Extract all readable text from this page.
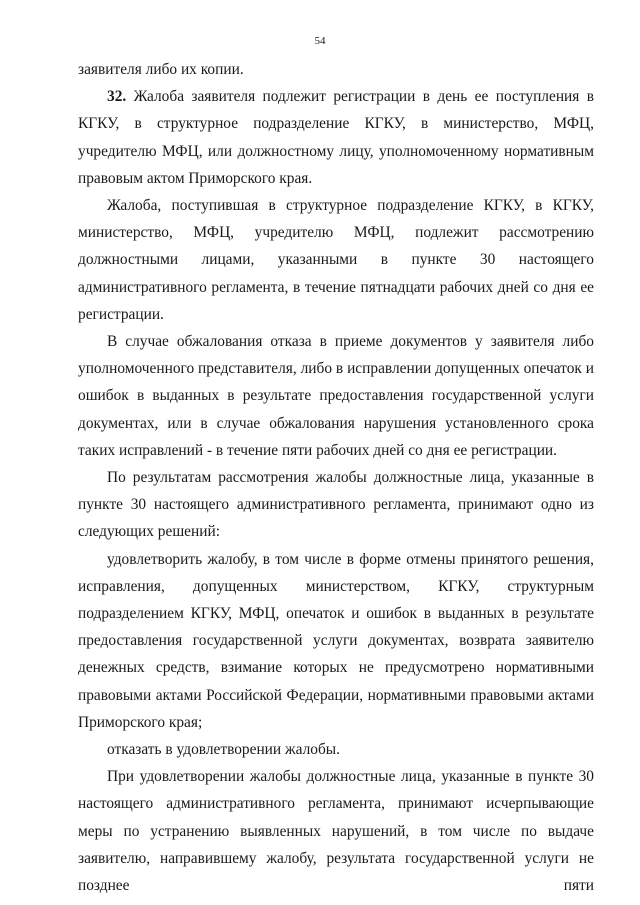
54

заявителя либо их копии.

32. Жалоба заявителя подлежит регистрации в день ее поступления в КГКУ, в структурное подразделение КГКУ, в министерство, МФЦ, учредителю МФЦ, или должностному лицу, уполномоченному нормативным правовым актом Приморского края.

Жалоба, поступившая в структурное подразделение КГКУ, в КГКУ, министерство, МФЦ, учредителю МФЦ, подлежит рассмотрению должностными лицами, указанными в пункте 30 настоящего административного регламента, в течение пятнадцати рабочих дней со дня ее регистрации.

В случае обжалования отказа в приеме документов у заявителя либо уполномоченного представителя, либо в исправлении допущенных опечаток и ошибок в выданных в результате предоставления государственной услуги документах, или в случае обжалования нарушения установленного срока таких исправлений - в течение пяти рабочих дней со дня ее регистрации.

По результатам рассмотрения жалобы должностные лица, указанные в пункте 30 настоящего административного регламента, принимают одно из следующих решений:

удовлетворить жалобу, в том числе в форме отмены принятого решения, исправления, допущенных министерством, КГКУ, структурным подразделением КГКУ, МФЦ, опечаток и ошибок в выданных в результате предоставления государственной услуги документах, возврата заявителю денежных средств, взимание которых не предусмотрено нормативными правовыми актами Российской Федерации, нормативными правовыми актами Приморского края;

отказать в удовлетворении жалобы.

При удовлетворении жалобы должностные лица, указанные в пункте 30 настоящего административного регламента, принимают исчерпывающие меры по устранению выявленных нарушений, в том числе по выдаче заявителю, направившему жалобу, результата государственной услуги не позднее пяти
